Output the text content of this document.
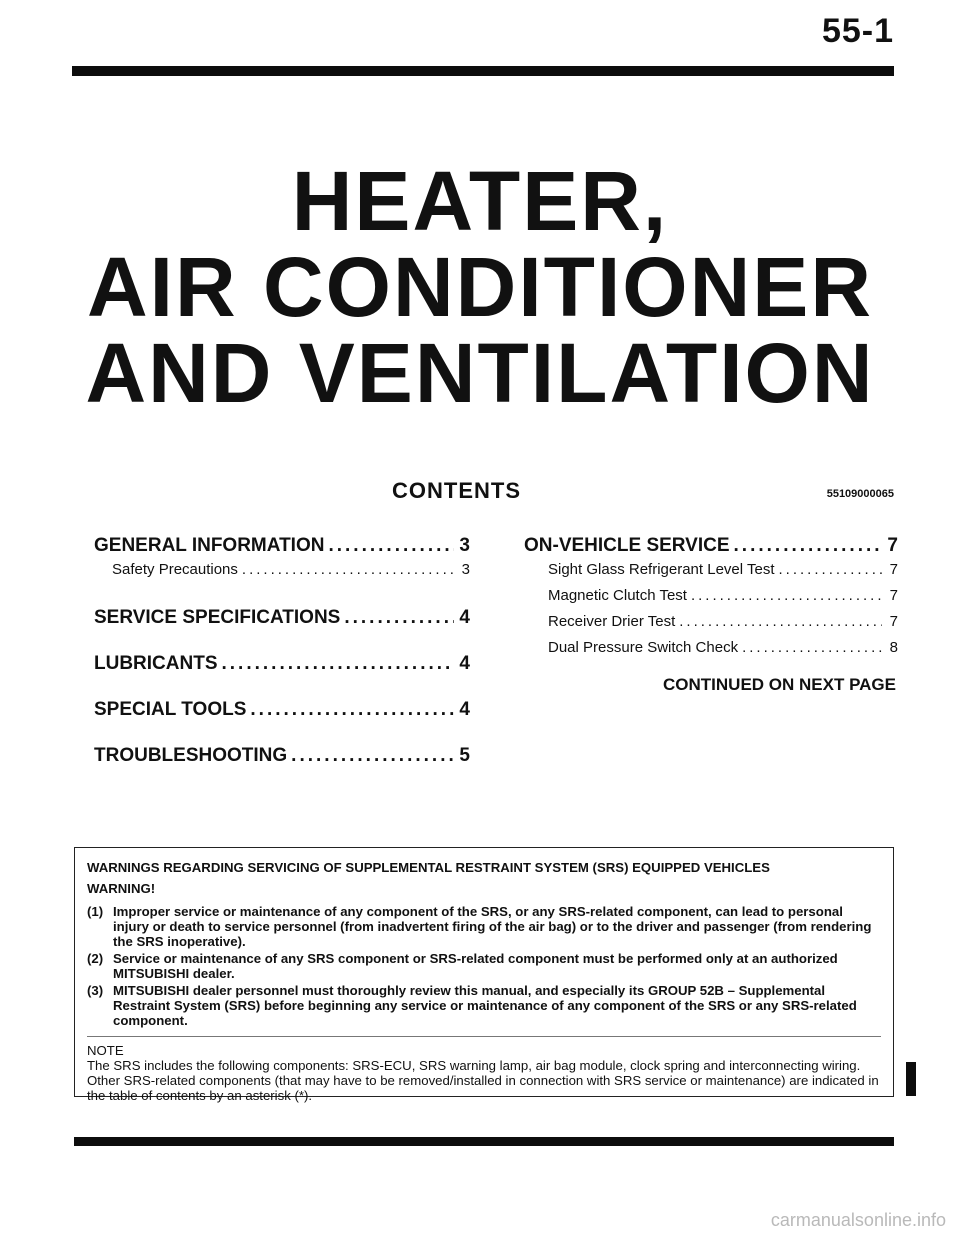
55-1
HEATER,
AIR CONDITIONER
AND VENTILATION
CONTENTS	55109000065
GENERAL INFORMATION .....	3
Safety Precautions .....	3
SERVICE SPECIFICATIONS .....	4
LUBRICANTS .....	4
SPECIAL TOOLS .....	4
TROUBLESHOOTING .....	5
ON-VEHICLE SERVICE .....	7
Sight Glass Refrigerant Level Test .....	7
Magnetic Clutch Test .....	7
Receiver Drier Test .....	7
Dual Pressure Switch Check .....	8
CONTINUED ON NEXT PAGE
WARNINGS REGARDING SERVICING OF SUPPLEMENTAL RESTRAINT SYSTEM (SRS) EQUIPPED VEHICLES
WARNING!
(1) Improper service or maintenance of any component of the SRS, or any SRS-related component, can lead to personal injury or death to service personnel (from inadvertent firing of the air bag) or to the driver and passenger (from rendering the SRS inoperative).
(2) Service or maintenance of any SRS component or SRS-related component must be performed only at an authorized MITSUBISHI dealer.
(3) MITSUBISHI dealer personnel must thoroughly review this manual, and especially its GROUP 52B – Supplemental Restraint System (SRS) before beginning any service or maintenance of any component of the SRS or any SRS-related component.
NOTE
The SRS includes the following components: SRS-ECU, SRS warning lamp, air bag module, clock spring and interconnecting wiring. Other SRS-related components (that may have to be removed/installed in connection with SRS service or maintenance) are indicated in the table of contents by an asterisk (*).
carmanualsonline.info
